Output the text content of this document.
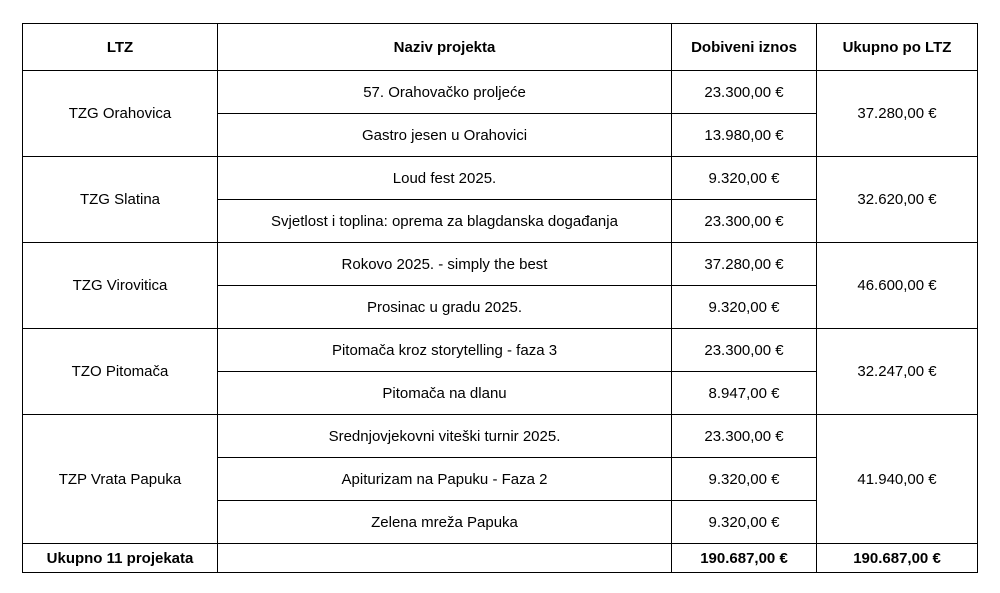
LTZ	Naziv projekta	Dobiveni iznos	Ukupno po LTZ
TZG Orahovica	57. Orahovačko proljeće	23.300,00 €	37.280,00 €
	Gastro jesen u Orahovici	13.980,00 €	
TZG Slatina	Loud fest 2025.	9.320,00 €	32.620,00 €
	Svjetlost i toplina: oprema za blagdanska događanja	23.300,00 €	
TZG Virovitica	Rokovo 2025. - simply the best	37.280,00 €	46.600,00 €
	Prosinac u gradu 2025.	9.320,00 €	
TZO Pitomača	Pitomača kroz storytelling - faza 3	23.300,00 €	32.247,00 €
	Pitomača na dlanu	8.947,00 €	
TZP Vrata Papuka	Srednjovjekovni viteški turnir 2025.	23.300,00 €	41.940,00 €
	Apiturizam na Papuku - Faza 2	9.320,00 €	
	Zelena mreža Papuka	9.320,00 €	
Ukupno 11 projekata		190.687,00 €	190.687,00 €
